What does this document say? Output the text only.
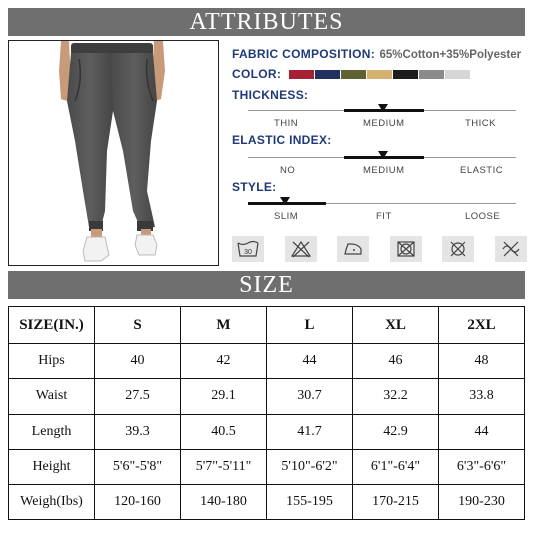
ATTRIBUTES
FABRIC COMPOSITION: 65%Cotton+35%Polyester
COLOR:
THICKNESS:
THIN	MEDIUM	THICK
ELASTIC INDEX:
NO	MEDIUM	ELASTIC
STYLE:
SLIM	FIT	LOOSE
30
SIZE
SIZE(IN.)	S	M	L	XL	2XL
Hips	40	42	44	46	48
Waist	27.5	29.1	30.7	32.2	33.8
Length	39.3	40.5	41.7	42.9	44
Height	5'6"-5'8"	5'7"-5'11"	5'10"-6'2"	6'1"-6'4"	6'3"-6'6"
Weigh(Ibs)	120-160	140-180	155-195	170-215	190-230
